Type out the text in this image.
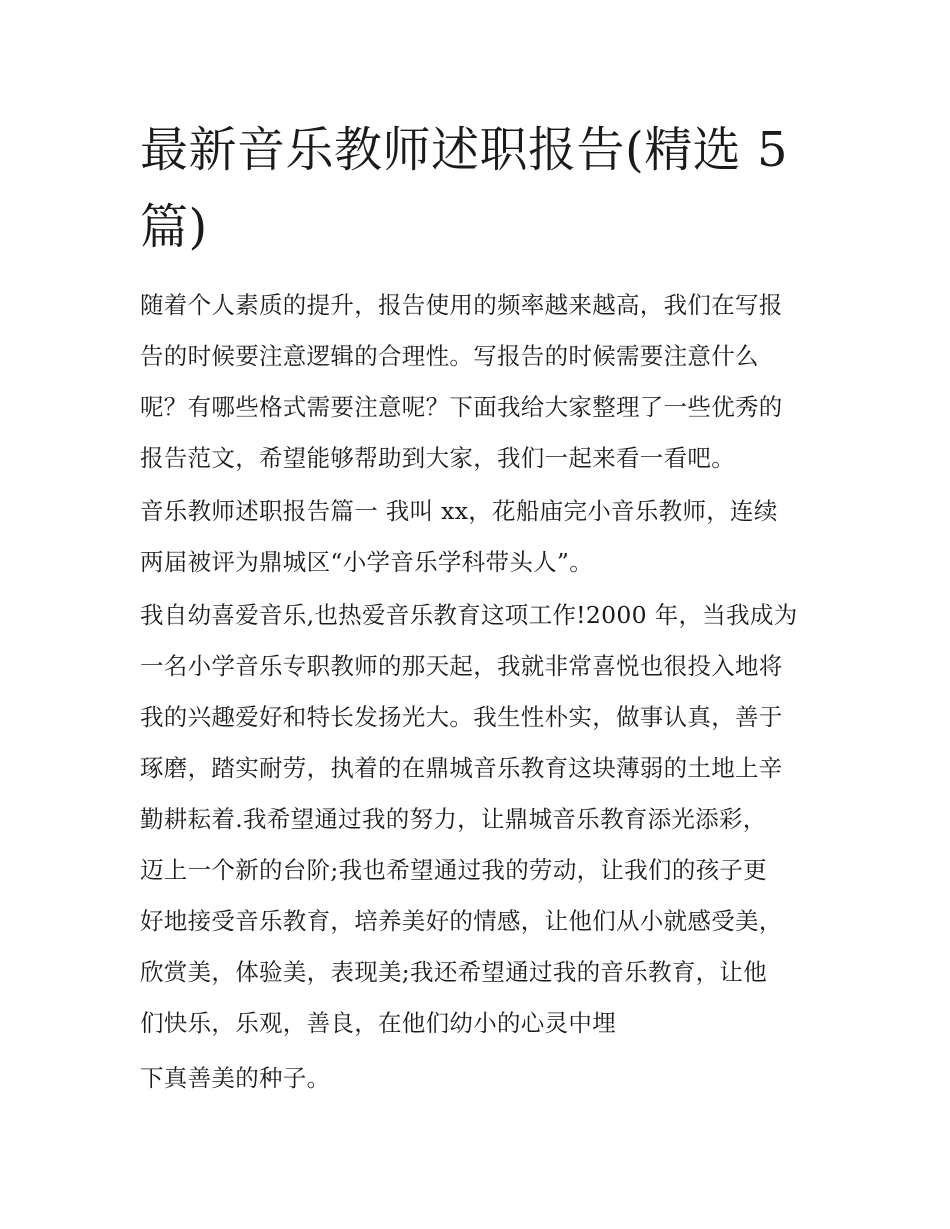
最新音乐教师述职报告(精选 5
篇)
随着个人素质的提升，报告使用的频率越来越高，我们在写报
告的时候要注意逻辑的合理性。写报告的时候需要注意什么
呢？有哪些格式需要注意呢？下面我给大家整理了一些优秀的
报告范文，希望能够帮助到大家，我们一起来看一看吧。
音乐教师述职报告篇一 我叫 xx，花船庙完小音乐教师，连续
两届被评为鼎城区“小学音乐学科带头人”。
我自幼喜爱音乐,也热爱音乐教育这项工作!2000 年，当我成为
一名小学音乐专职教师的那天起，我就非常喜悦也很投入地将
我的兴趣爱好和特长发扬光大。我生性朴实，做事认真，善于
琢磨，踏实耐劳，执着的在鼎城音乐教育这块薄弱的土地上辛
勤耕耘着.我希望通过我的努力，让鼎城音乐教育添光添彩，
迈上一个新的台阶;我也希望通过我的劳动，让我们的孩子更
好地接受音乐教育，培养美好的情感，让他们从小就感受美，
欣赏美，体验美，表现美;我还希望通过我的音乐教育，让他
们快乐，乐观，善良，在他们幼小的心灵中埋
下真善美的种子。
